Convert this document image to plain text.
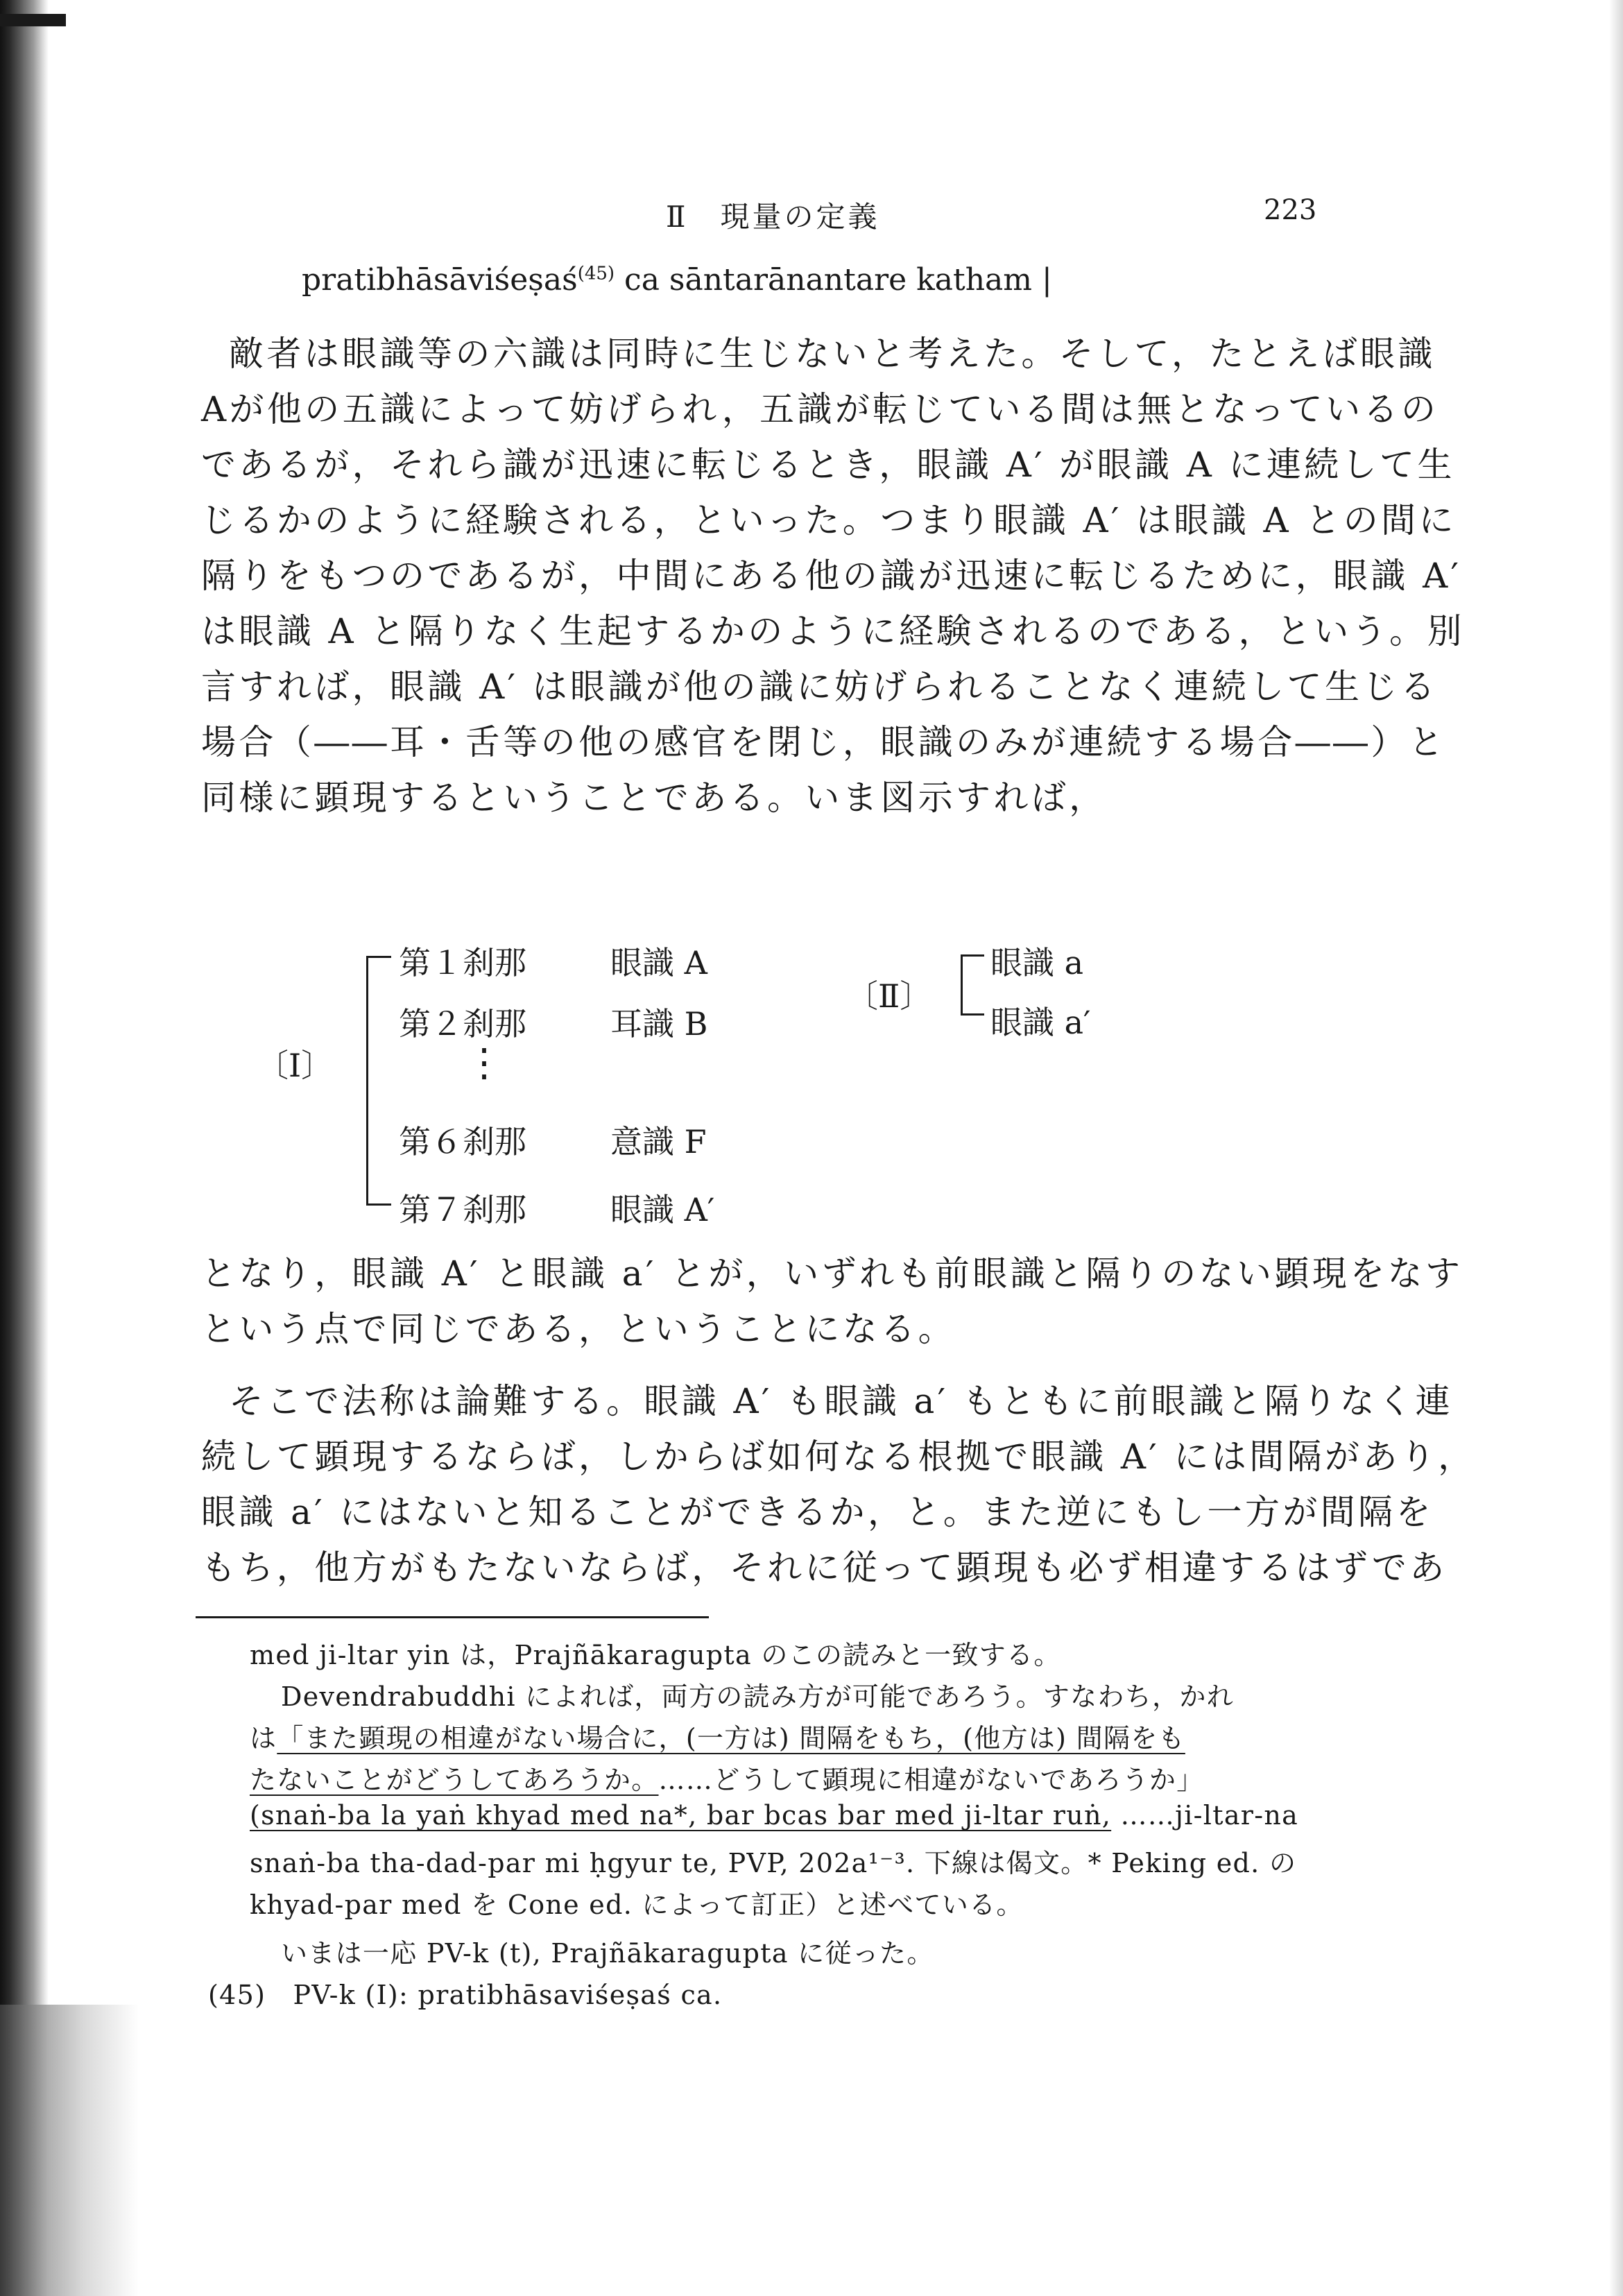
Ⅱ　現量の定義	223
pratibhāsāviśeṣaś$^{(45)}$ ca sāntarānantare katham |
敵者は眼識等の六識は同時に生じないと考えた。そして，たとえば眼識
Aが他の五識によって妨げられ，五識が転じている間は無となっているの
であるが，それら識が迅速に転じるとき，眼識 A′ が眼識 A に連続して生
じるかのように経験される，といった。つまり眼識 A′ は眼識 A との間に
隔りをもつのであるが，中間にある他の識が迅速に転じるために，眼識 A′
は眼識 A と隔りなく生起するかのように経験されるのである，という。別
言すれば，眼識 A′ は眼識が他の識に妨げられることなく連続して生じる
場合（――耳・舌等の他の感官を閉じ，眼識のみが連続する場合――）と
同様に顕現するということである。いま図示すれば，
〔Ⅰ〕
第１刹那	眼識 A
第２刹那	耳識 B
⋮
第６刹那	意識 F
第７刹那	眼識 A′
〔Ⅱ〕
眼識 a
眼識 a′
となり，眼識 A′ と眼識 a′ とが，いずれも前眼識と隔りのない顕現をなす
という点で同じである，ということになる。
そこで法称は論難する。眼識 A′ も眼識 a′ もともに前眼識と隔りなく連
続して顕現するならば，しからば如何なる根拠で眼識 A′ には間隔があり，
眼識 a′ にはないと知ることができるか，と。また逆にもし一方が間隔を
もち，他方がもたないならば，それに従って顕現も必ず相違するはずであ
med ji-ltar yin は，Prajñākaragupta のこの読みと一致する。
Devendrabuddhi によれば，両方の読み方が可能であろう。すなわち，かれ
は「また顕現の相違がない場合に，(一方は) 間隔をもち，(他方は) 間隔をも
たないことがどうしてあろうか。……どうして顕現に相違がないであろうか」
(snaṅ-ba la yaṅ khyad med na*, bar bcas bar med ji-ltar ruṅ, ……ji-ltar-na
snaṅ-ba tha-dad-par mi ḥgyur te, PVP, 202a¹⁻³. 下線は偈文。* Peking ed. の
khyad-par med を Cone ed. によって訂正）と述べている。
いまは一応 PV-k (t), Prajñākaragupta に従った。
(45)　PV-k (I): pratibhāsaviśeṣaś ca.
